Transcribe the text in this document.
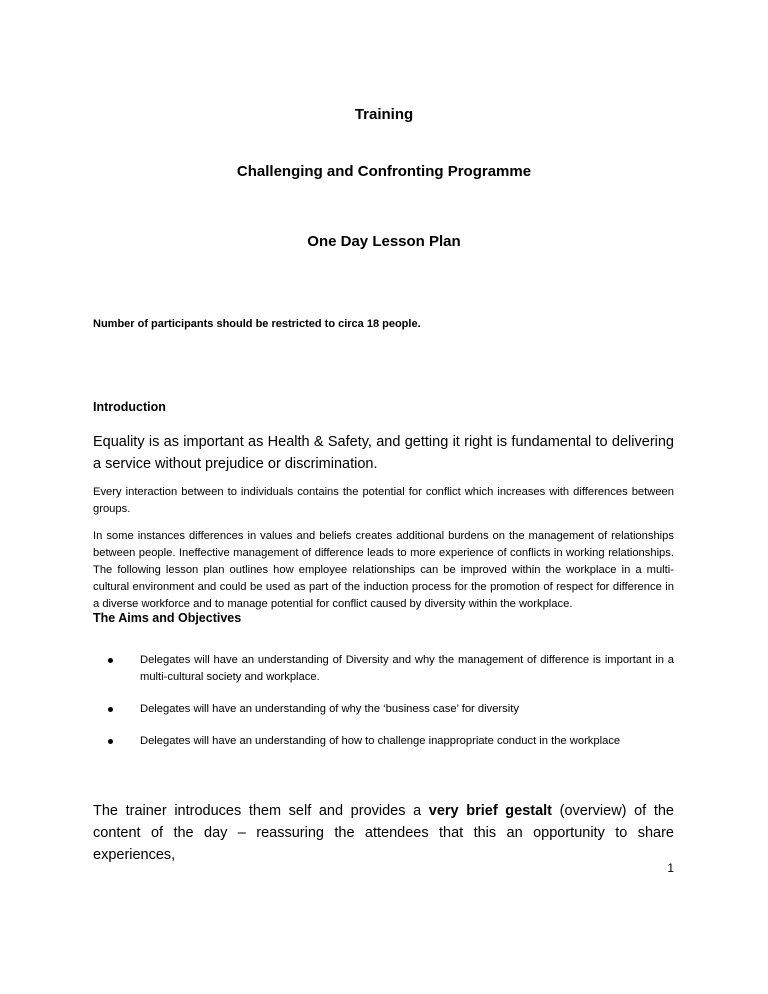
Training
Challenging and Confronting Programme
One Day Lesson Plan
Number of participants should be restricted to circa 18 people.
Introduction
Equality is as important as Health & Safety, and getting it right is fundamental to delivering a service without prejudice or discrimination.
Every interaction between to individuals contains the potential for conflict which increases with differences between groups.
In some instances differences in values and beliefs creates additional burdens on the management of relationships between people. Ineffective management of difference leads to more experience of conflicts in working relationships. The following lesson plan outlines how employee relationships can be improved within the workplace in a multi-cultural environment and could be used as part of the induction process for the promotion of respect for difference in a diverse workforce and to manage potential for conflict caused by diversity within the workplace.
The Aims and Objectives
Delegates will have an understanding of Diversity and why the management of difference is important in a multi-cultural society and workplace.
Delegates will have an understanding of why the ‘business case’ for diversity
Delegates will have an understanding of how to challenge inappropriate conduct in the workplace
The trainer introduces them self and provides a very brief gestalt (overview) of the content of the day – reassuring the attendees that this an opportunity to share experiences,
1
